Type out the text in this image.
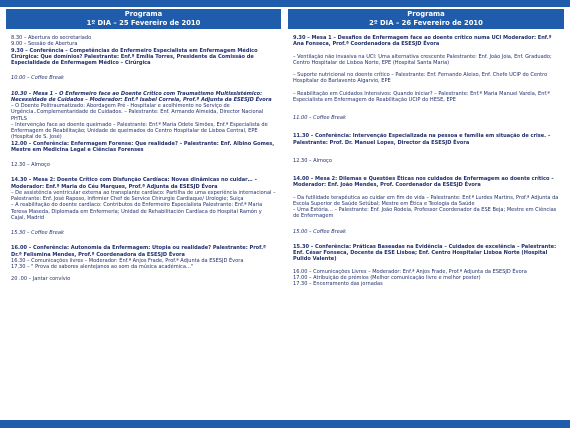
Programa
1º DIA – 25 Fevereiro de 2010

8.30 – Abertura do secretariado

9.00 – Sessão de Abertura

9.30 – Conferência – Competências do Enfermeiro Especialista em Enfermagem Médico Cirúrgica: Que domínios? Palestrante: Enf.ª Emília Torres, Presidente da Comissão de Especialidade de Enfermagem Médico – Cirúrgica

10.00 – Coffee Break

10.30 – Mesa 1 – O Enfermeiro face ao Doente Crítico com Traumatismo Multissistémico: Necessidade de Cuidados – Moderador: Enf.ª Isabel Correia, Prof.ª Adjunta da ESESJD Évora

– O Doente Politraumatizado: Abordagem Pré - Hospitalar e acolhimento no Serviço de Urgência..Complementaridade de Cuidados. – Palestrante: Enf. Armando Almeida, Director Nacional PHTLS

– Intervenção face ao doente queimado – Palestrante: Enf.ª Maria Odete Simões, Enf.ª Especialista de Enfermagem de Reabilitação; Unidade de queimados do Centro Hospitalar de Lisboa Central, EPE (Hospital de S. José)

12.00 – Conferência: Enfermagem Forense: Que realidade? – Palestrante: Enf. Albino Gomes, Mestre em Medicina Legal e Ciências Forenses

12.30 – Almoço

14.30 – Mesa 2: Doente Crítico com Disfunção Cardíaca: Novas dinâmicas no cuidar… – Moderador: Enf.ª Maria do Céu Marques, Prof.ª Adjunta da ESESJD Évora

– De assistência ventricular externa ao transplante cardíaco: Partilha de uma experiência internacional – Palestrante: Enf. José Raposo, Infirmier Chef de Service Chirurgie Cardiaque/ Urologie; Suiça

– A reabilitação do doente cardíaco: Contributos do Enfermeiro Especialista Palestrante: Enf.ª Maria Teresa Maseda, Diplomada em Enfermeria; Unidad de Rehabilitación Cardíaca do Hospital Ramón y Cajal, Madrid

15.30 – Coffee Break

16.00 – Conferência: Autonomia da Enfermagem: Utopia ou realidade? Palestrante: Prof.ª Dr.ª Felismina Mendes, Prof.ª Coordenadora da ESESJD Évora

16.30 – Comunicações livres – Moderador: Enf.ª Anjos Frade, Prof.ª Adjunta da ESESJD Évora

17.30 – " Prova de sabores alentejanos ao som da música académica…"

20 .00 – Jantar convívio

Programa
2º DIA – 26 Fevereiro de 2010

9.30 – Mesa 1 – Desafios de Enfermagem face ao doente crítico numa UCI Moderador: Enf.ª Ana Fonseca, Prof.ª Coordenadora da ESESJD Évora

– Ventilação não invasiva na UCI: Uma alternativa crescente Palestrante: Enf. João Joia, Enf. Graduado; Centro Hospitalar de Lisboa Norte, EPE (Hospital Santa Maria)

– Suporte nutricional no doente crítico – Palestrante: Enf. Fernando Aleixo, Enf. Chefe UCIP do Centro Hospitalar do Barlavento Algarvio, EPE

– Reabilitação em Cuidados Intensivos: Quando iniciar? – Palestrante: Enf.ª Maria Manuel Varela, Enf.ª Especialista em Enfermagem de Reabilitação UCIP do HESE, EPE

11.00 – Coffee Break

11.30 – Conferência: Intervenção Especializada na pessoa e família em situação de crise. – Palestrante: Prof. Dr. Manuel Lopes, Director da ESESJD Évora

12.30 – Almoço

14.00 – Mesa 2: Dilemas e Questões Éticas nos cuidados de Enfermagem ao doente crítico – Moderador: Enf. João Mendes, Prof. Coordenador da ESESJD Évora

– Da futilidade terapêutica ao cuidar em fim de vida – Palestrante: Enf.ª Lurdes Martins, Prof.ª Adjunta da Escola Superior de Saúde Setúbal; Mestre em Ética e Teologia da Saúde

– Uma Estória… – Palestrante: Enf. João Rodeia, Professor Coordenador da ESE Beja; Mestre em Ciências de Enfermagem

15.00 – Coffee Break

15.30 – Conferência: Práticas Baseadas na Evidência – Cuidados de excelência – Palestrante: Enf. César Fonseca, Docente da ESE Lisboa; Enf. Centro Hospitalar Lisboa Norte (Hospital Pulido Valente)

16.00 – Comunicações Livres – Moderador: Enf.ª Anjos Frade, Prof.ª Adjunta da ESESJD Évora

17.00 – Atribuição de prémios (Melhor comunicação livre e melhor poster)

17.30 – Encerramento das jornadas
